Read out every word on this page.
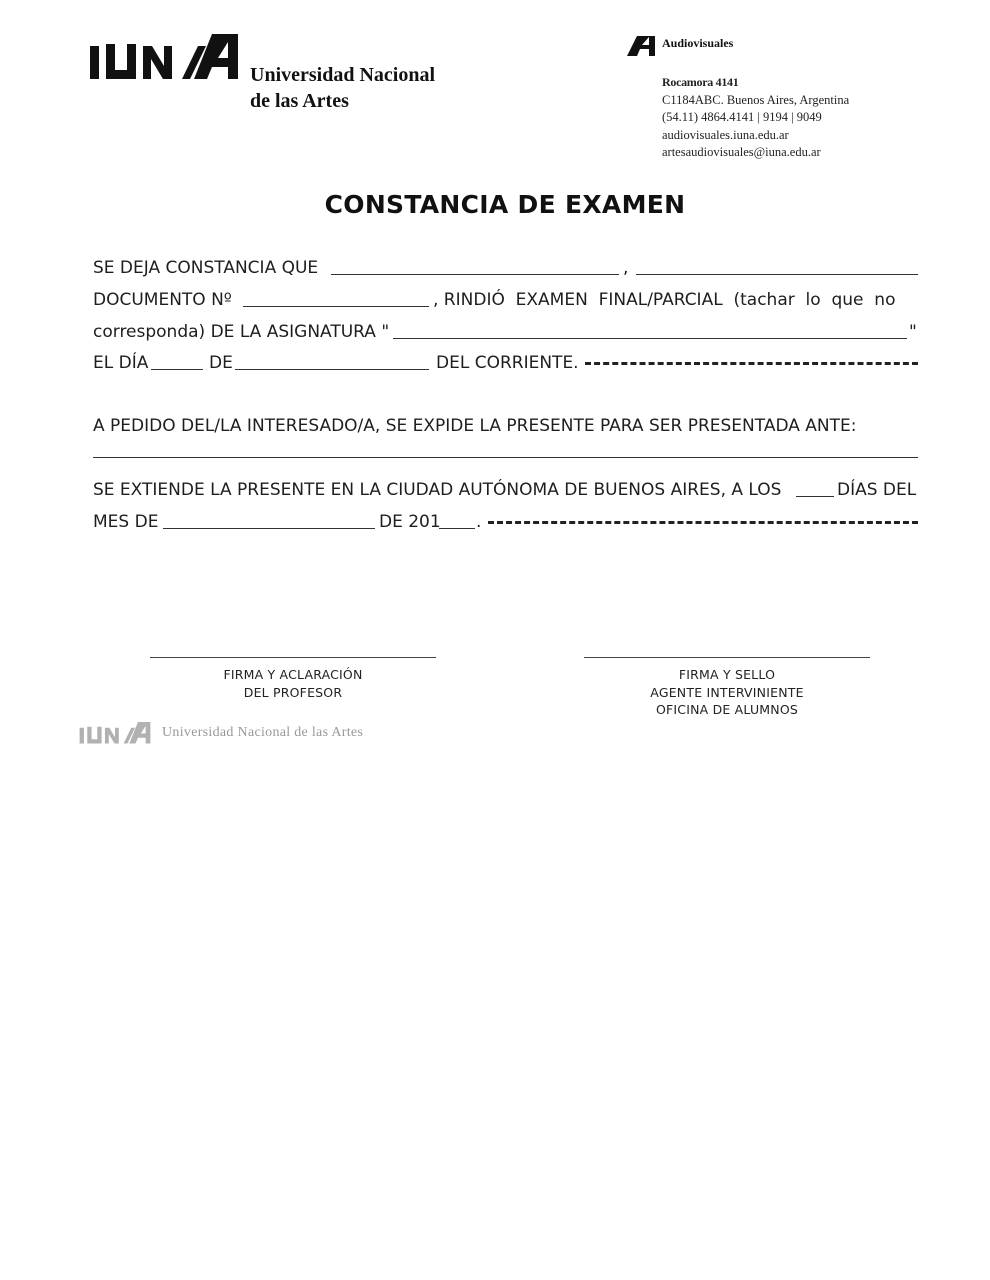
Universidad Nacional
de las Artes
Audiovisuales
Rocamora 4141
C1184ABC. Buenos Aires, Argentina
(54.11) 4864.4141 | 9194 | 9049
audiovisuales.iuna.edu.ar
artesaudiovisuales@iuna.edu.ar
CONSTANCIA DE EXAMEN
SE DEJA CONSTANCIA QUE	,
DOCUMENTO Nº	, RINDIÓ  EXAMEN  FINAL/PARCIAL  (tachar  lo  que  no
corresponda) DE LA ASIGNATURA "	"
EL DÍA	DE	DEL CORRIENTE.
A PEDIDO DEL/LA INTERESADO/A, SE EXPIDE LA PRESENTE PARA SER PRESENTADA ANTE:
SE EXTIENDE LA PRESENTE EN LA CIUDAD AUTÓNOMA DE BUENOS AIRES, A LOS	DÍAS DEL
MES DE	DE 201 .
FIRMA Y ACLARACIÓN
DEL PROFESOR
FIRMA Y SELLO
AGENTE INTERVINIENTE
OFICINA DE ALUMNOS
Universidad Nacional de las Artes
